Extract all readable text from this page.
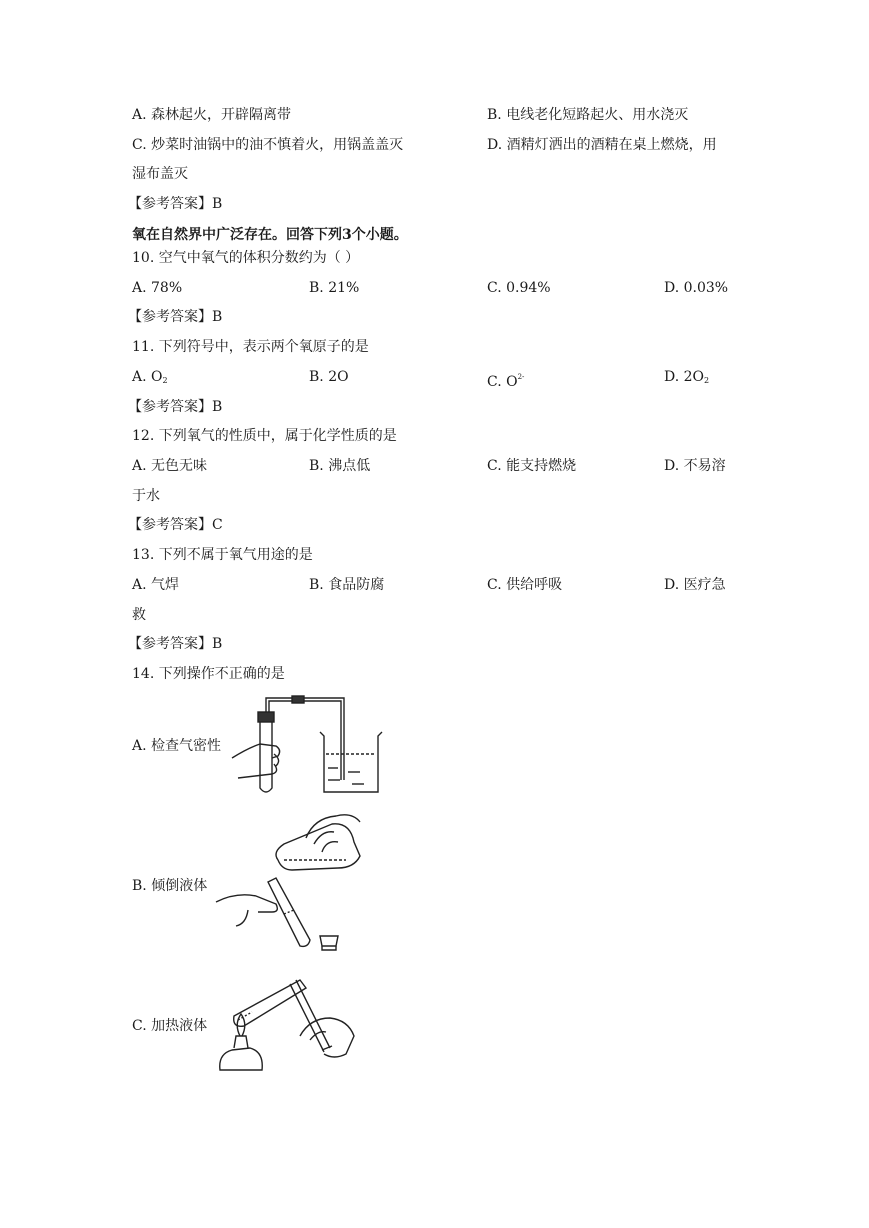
A. 森林起火，开辟隔离带	B. 电线老化短路起火、用水浇灭
C. 炒菜时油锅中的油不慎着火，用锅盖盖灭	D. 酒精灯洒出的酒精在桌上燃烧，用
湿布盖灭
【参考答案】B
氧在自然界中广泛存在。回答下列3个小题。
10. 空气中氧气的体积分数约为（ ）
A. 78%	B. 21%	C. 0.94%	D. 0.03%
【参考答案】B
11. 下列符号中，表示两个氧原子的是
A. $O_2$	B. 2O	C. $O^{2-}$	D. $2O_2$
【参考答案】B
12. 下列氧气的性质中，属于化学性质的是
A. 无色无味	B. 沸点低	C. 能支持燃烧	D. 不易溶
于水
【参考答案】C
13. 下列不属于氧气用途的是
A. 气焊	B. 食品防腐	C. 供给呼吸	D. 医疗急
救
【参考答案】B
14. 下列操作不正确的是
A. 检查气密性
B. 倾倒液体
C. 加热液体
